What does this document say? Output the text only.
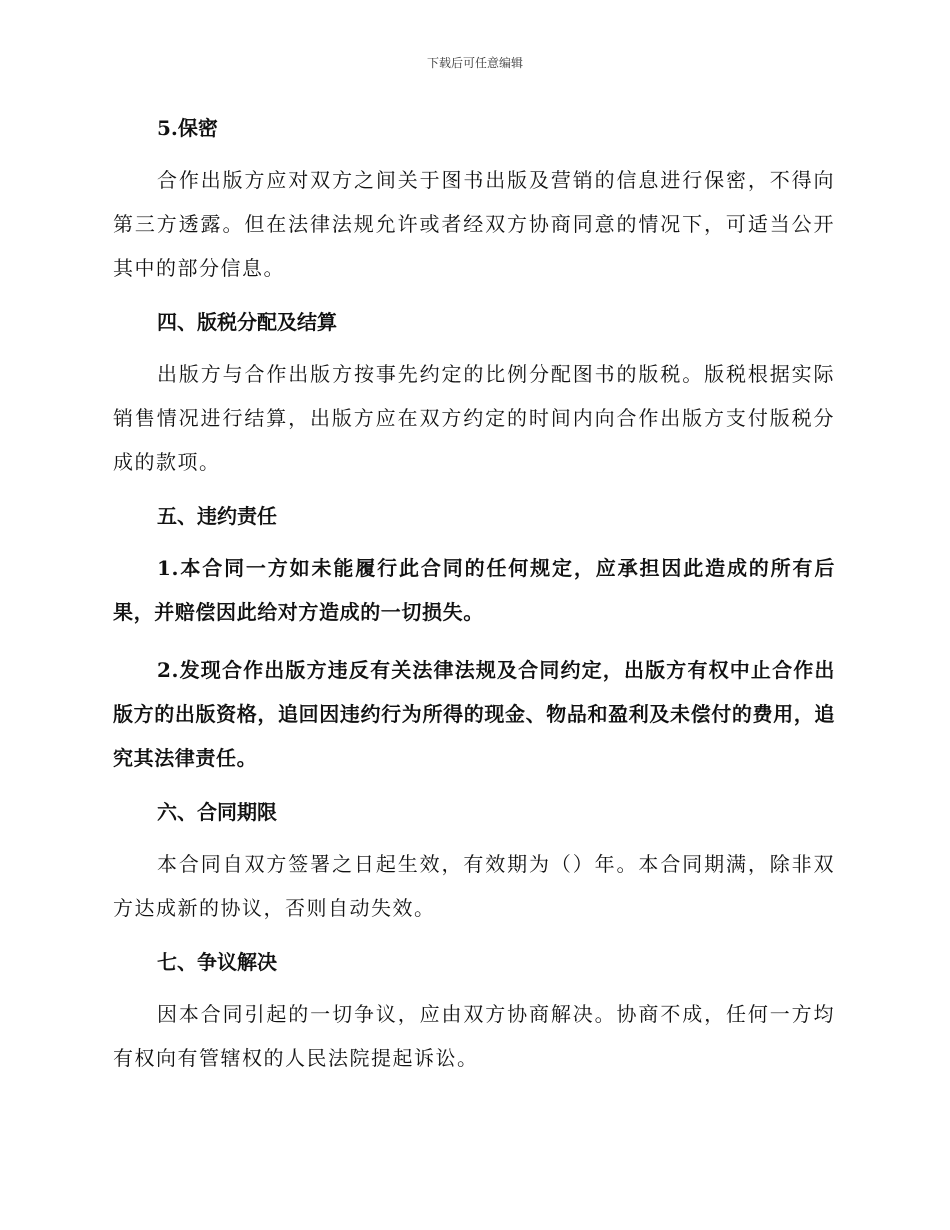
下载后可任意编辑
5.保密

合作出版方应对双方之间关于图书出版及营销的信息进行保密，不得向第三方透露。但在法律法规允许或者经双方协商同意的情况下，可适当公开其中的部分信息。

四、版税分配及结算

出版方与合作出版方按事先约定的比例分配图书的版税。版税根据实际销售情况进行结算，出版方应在双方约定的时间内向合作出版方支付版税分成的款项。

五、违约责任

1.本合同一方如未能履行此合同的任何规定，应承担因此造成的所有后果，并赔偿因此给对方造成的一切损失。

2.发现合作出版方违反有关法律法规及合同约定，出版方有权中止合作出版方的出版资格，追回因违约行为所得的现金、物品和盈利及未偿付的费用，追究其法律责任。

六、合同期限

本合同自双方签署之日起生效，有效期为（）年。本合同期满，除非双方达成新的协议，否则自动失效。

七、争议解决

因本合同引起的一切争议，应由双方协商解决。协商不成，任何一方均有权向有管辖权的人民法院提起诉讼。
